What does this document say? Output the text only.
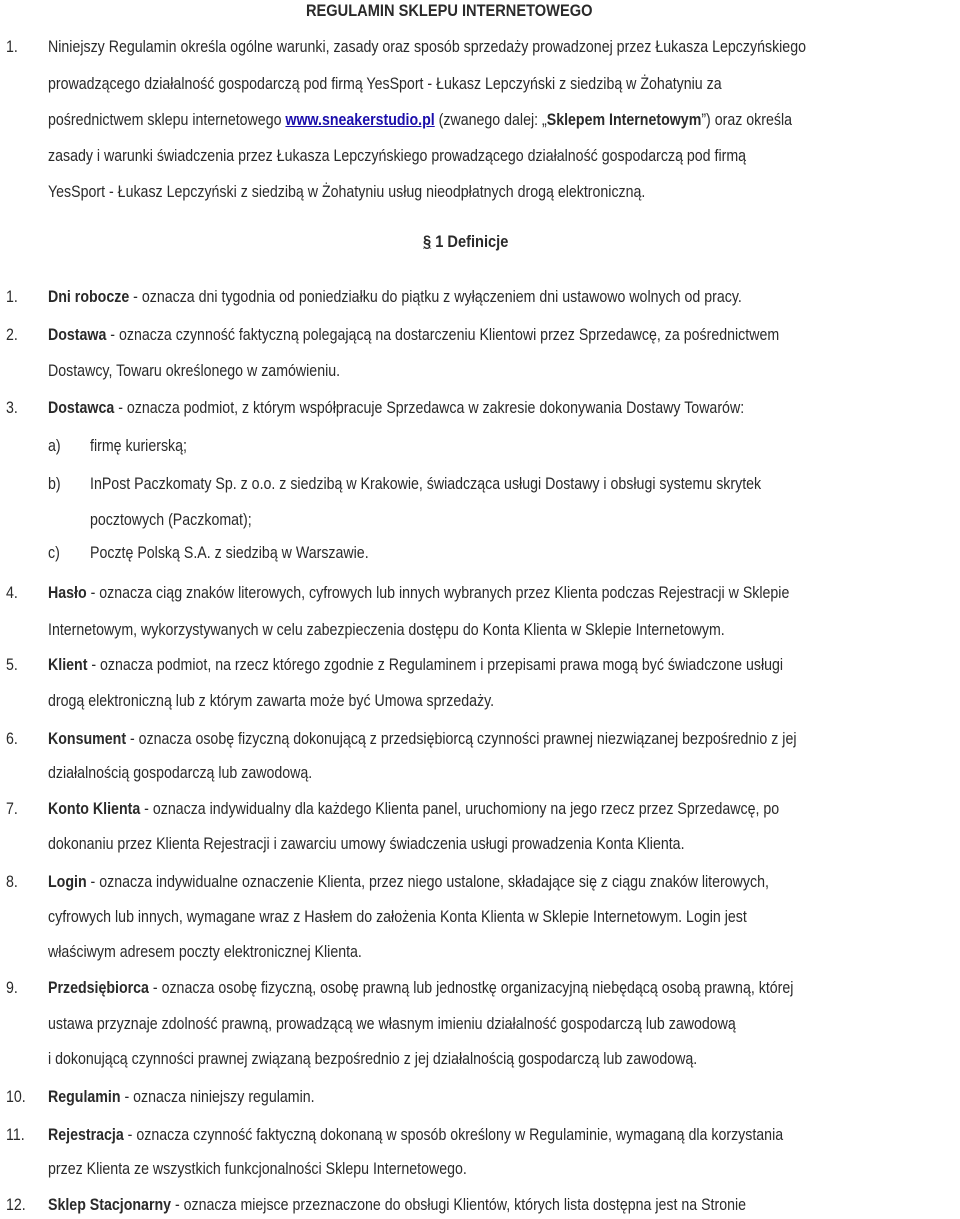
REGULAMIN SKLEPU INTERNETOWEGO
1. Niniejszy Regulamin określa ogólne warunki, zasady oraz sposób sprzedaży prowadzonej przez Łukasza Lepczyńskiego
prowadzącego działalność gospodarczą pod firmą YesSport - Łukasz Lepczyński z siedzibą w Żohatyniu za
pośrednictwem sklepu internetowego www.sneakerstudio.pl (zwanego dalej: „Sklepem Internetowym”) oraz określa
zasady i warunki świadczenia przez Łukasza Lepczyńskiego prowadzącego działalność gospodarczą pod firmą
YesSport - Łukasz Lepczyński z siedzibą w Żohatyniu usług nieodpłatnych drogą elektroniczną.
§ 1 Definicje
1. Dni robocze - oznacza dni tygodnia od poniedziałku do piątku z wyłączeniem dni ustawowo wolnych od pracy.
2. Dostawa - oznacza czynność faktyczną polegającą na dostarczeniu Klientowi przez Sprzedawcę, za pośrednictwem
Dostawcy, Towaru określonego w zamówieniu.
3. Dostawca - oznacza podmiot, z którym współpracuje Sprzedawca w zakresie dokonywania Dostawy Towarów:
a) firmę kurierską;
b) InPost Paczkomaty Sp. z o.o. z siedzibą w Krakowie, świadcząca usługi Dostawy i obsługi systemu skrytek
pocztowych (Paczkomat);
c) Pocztę Polską S.A. z siedzibą w Warszawie.
4. Hasło - oznacza ciąg znaków literowych, cyfrowych lub innych wybranych przez Klienta podczas Rejestracji w Sklepie
Internetowym, wykorzystywanych w celu zabezpieczenia dostępu do Konta Klienta w Sklepie Internetowym.
5. Klient - oznacza podmiot, na rzecz którego zgodnie z Regulaminem i przepisami prawa mogą być świadczone usługi
drogą elektroniczną lub z którym zawarta może być Umowa sprzedaży.
6. Konsument - oznacza osobę fizyczną dokonującą z przedsiębiorcą czynności prawnej niezwiązanej bezpośrednio z jej
działalnością gospodarczą lub zawodową.
7. Konto Klienta - oznacza indywidualny dla każdego Klienta panel, uruchomiony na jego rzecz przez Sprzedawcę, po
dokonaniu przez Klienta Rejestracji i zawarciu umowy świadczenia usługi prowadzenia Konta Klienta.
8. Login - oznacza indywidualne oznaczenie Klienta, przez niego ustalone, składające się z ciągu znaków literowych,
cyfrowych lub innych, wymagane wraz z Hasłem do założenia Konta Klienta w Sklepie Internetowym. Login jest
właściwym adresem poczty elektronicznej Klienta.
9. Przedsiębiorca - oznacza osobę fizyczną, osobę prawną lub jednostkę organizacyjną niebędącą osobą prawną, której
ustawa przyznaje zdolność prawną, prowadzącą we własnym imieniu działalność gospodarczą lub zawodową
i dokonującą czynności prawnej związaną bezpośrednio z jej działalnością gospodarczą lub zawodową.
10. Regulamin - oznacza niniejszy regulamin.
11. Rejestracja - oznacza czynność faktyczną dokonaną w sposób określony w Regulaminie, wymaganą dla korzystania
przez Klienta ze wszystkich funkcjonalności Sklepu Internetowego.
12. Sklep Stacjonarny - oznacza miejsce przeznaczone do obsługi Klientów, których lista dostępna jest na Stronie
